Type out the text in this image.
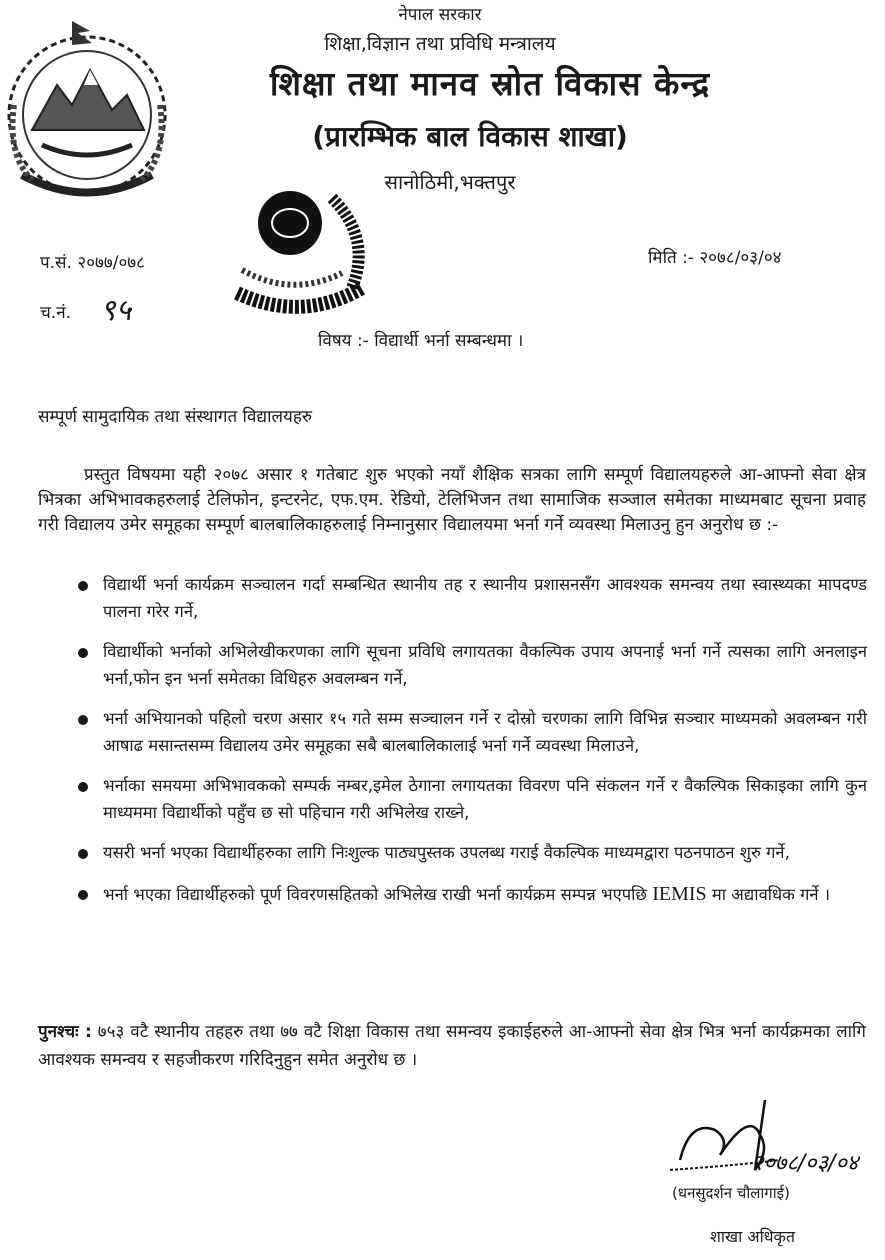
नेपाल सरकार
शिक्षा,विज्ञान तथा प्रविधि मन्त्रालय
शिक्षा तथा मानव स्रोत विकास केन्द्र
(प्रारम्भिक बाल विकास शाखा)
सानोठिमी,भक्तपुर
प.सं. २०७७/०७८	मिति :- २०७८/०३/०४
च.नं. ९५
विषय :- विद्यार्थी भर्ना सम्बन्धमा ।
सम्पूर्ण सामुदायिक तथा संस्थागत विद्यालयहरु
प्रस्तुत विषयमा यही २०७८ असार १ गतेबाट शुरु भएको नयाँ शैक्षिक सत्रका लागि सम्पूर्ण विद्यालयहरुले आ-आफ्नो सेवा क्षेत्र भित्रका अभिभावकहरुलाई टेलिफोन, इन्टरनेट, एफ.एम. रेडियो, टेलिभिजन तथा सामाजिक सञ्जाल समेतका माध्यमबाट सूचना प्रवाह गरी विद्यालय उमेर समूहका सम्पूर्ण बालबालिकाहरुलाई निम्नानुसार विद्यालयमा भर्ना गर्ने व्यवस्था मिलाउनु हुन अनुरोध छ :-
विद्यार्थी भर्ना कार्यक्रम सञ्चालन गर्दा सम्बन्धित स्थानीय तह र स्थानीय प्रशासनसँग आवश्यक समन्वय तथा स्वास्थ्यका मापदण्ड पालना गरेर गर्ने,
विद्यार्थीको भर्नाको अभिलेखीकरणका लागि सूचना प्रविधि लगायतका वैकल्पिक उपाय अपनाई भर्ना गर्ने त्यसका लागि अनलाइन भर्ना,फोन इन भर्ना समेतका विधिहरु अवलम्बन गर्ने,
भर्ना अभियानको पहिलो चरण असार १५ गते सम्म सञ्चालन गर्ने र दोस्रो चरणका लागि विभिन्न सञ्चार माध्यमको अवलम्बन गरी आषाढ मसान्तसम्म विद्यालय उमेर समूहका सबै बालबालिकालाई भर्ना गर्ने व्यवस्था मिलाउने,
भर्नाका समयमा अभिभावकको सम्पर्क नम्बर,इमेल ठेगाना लगायतका विवरण पनि संकलन गर्ने र वैकल्पिक सिकाइका लागि कुन माध्यममा विद्यार्थीको पहुँच छ सो पहिचान गरी अभिलेख राख्ने,
यसरी भर्ना भएका विद्यार्थीहरुका लागि निःशुल्क पाठ्यपुस्तक उपलब्ध गराई वैकल्पिक माध्यमद्वारा पठनपाठन शुरु गर्ने,
भर्ना भएका विद्यार्थीहरुको पूर्ण विवरणसहितको अभिलेख राखी भर्ना कार्यक्रम सम्पन्न भएपछि IEMIS मा अद्यावधिक गर्ने ।
पुनश्चः : ७५३ वटै स्थानीय तहहरु तथा ७७ वटै शिक्षा विकास तथा समन्वय इकाईहरुले आ-आफ्नो सेवा क्षेत्र भित्र भर्ना कार्यक्रमका लागि आवश्यक समन्वय र सहजीकरण गरिदिनुहुन समेत अनुरोध छ ।
२०७८/०३/०४
(धनसुदर्शन चौलागाई)
शाखा अधिकृत
